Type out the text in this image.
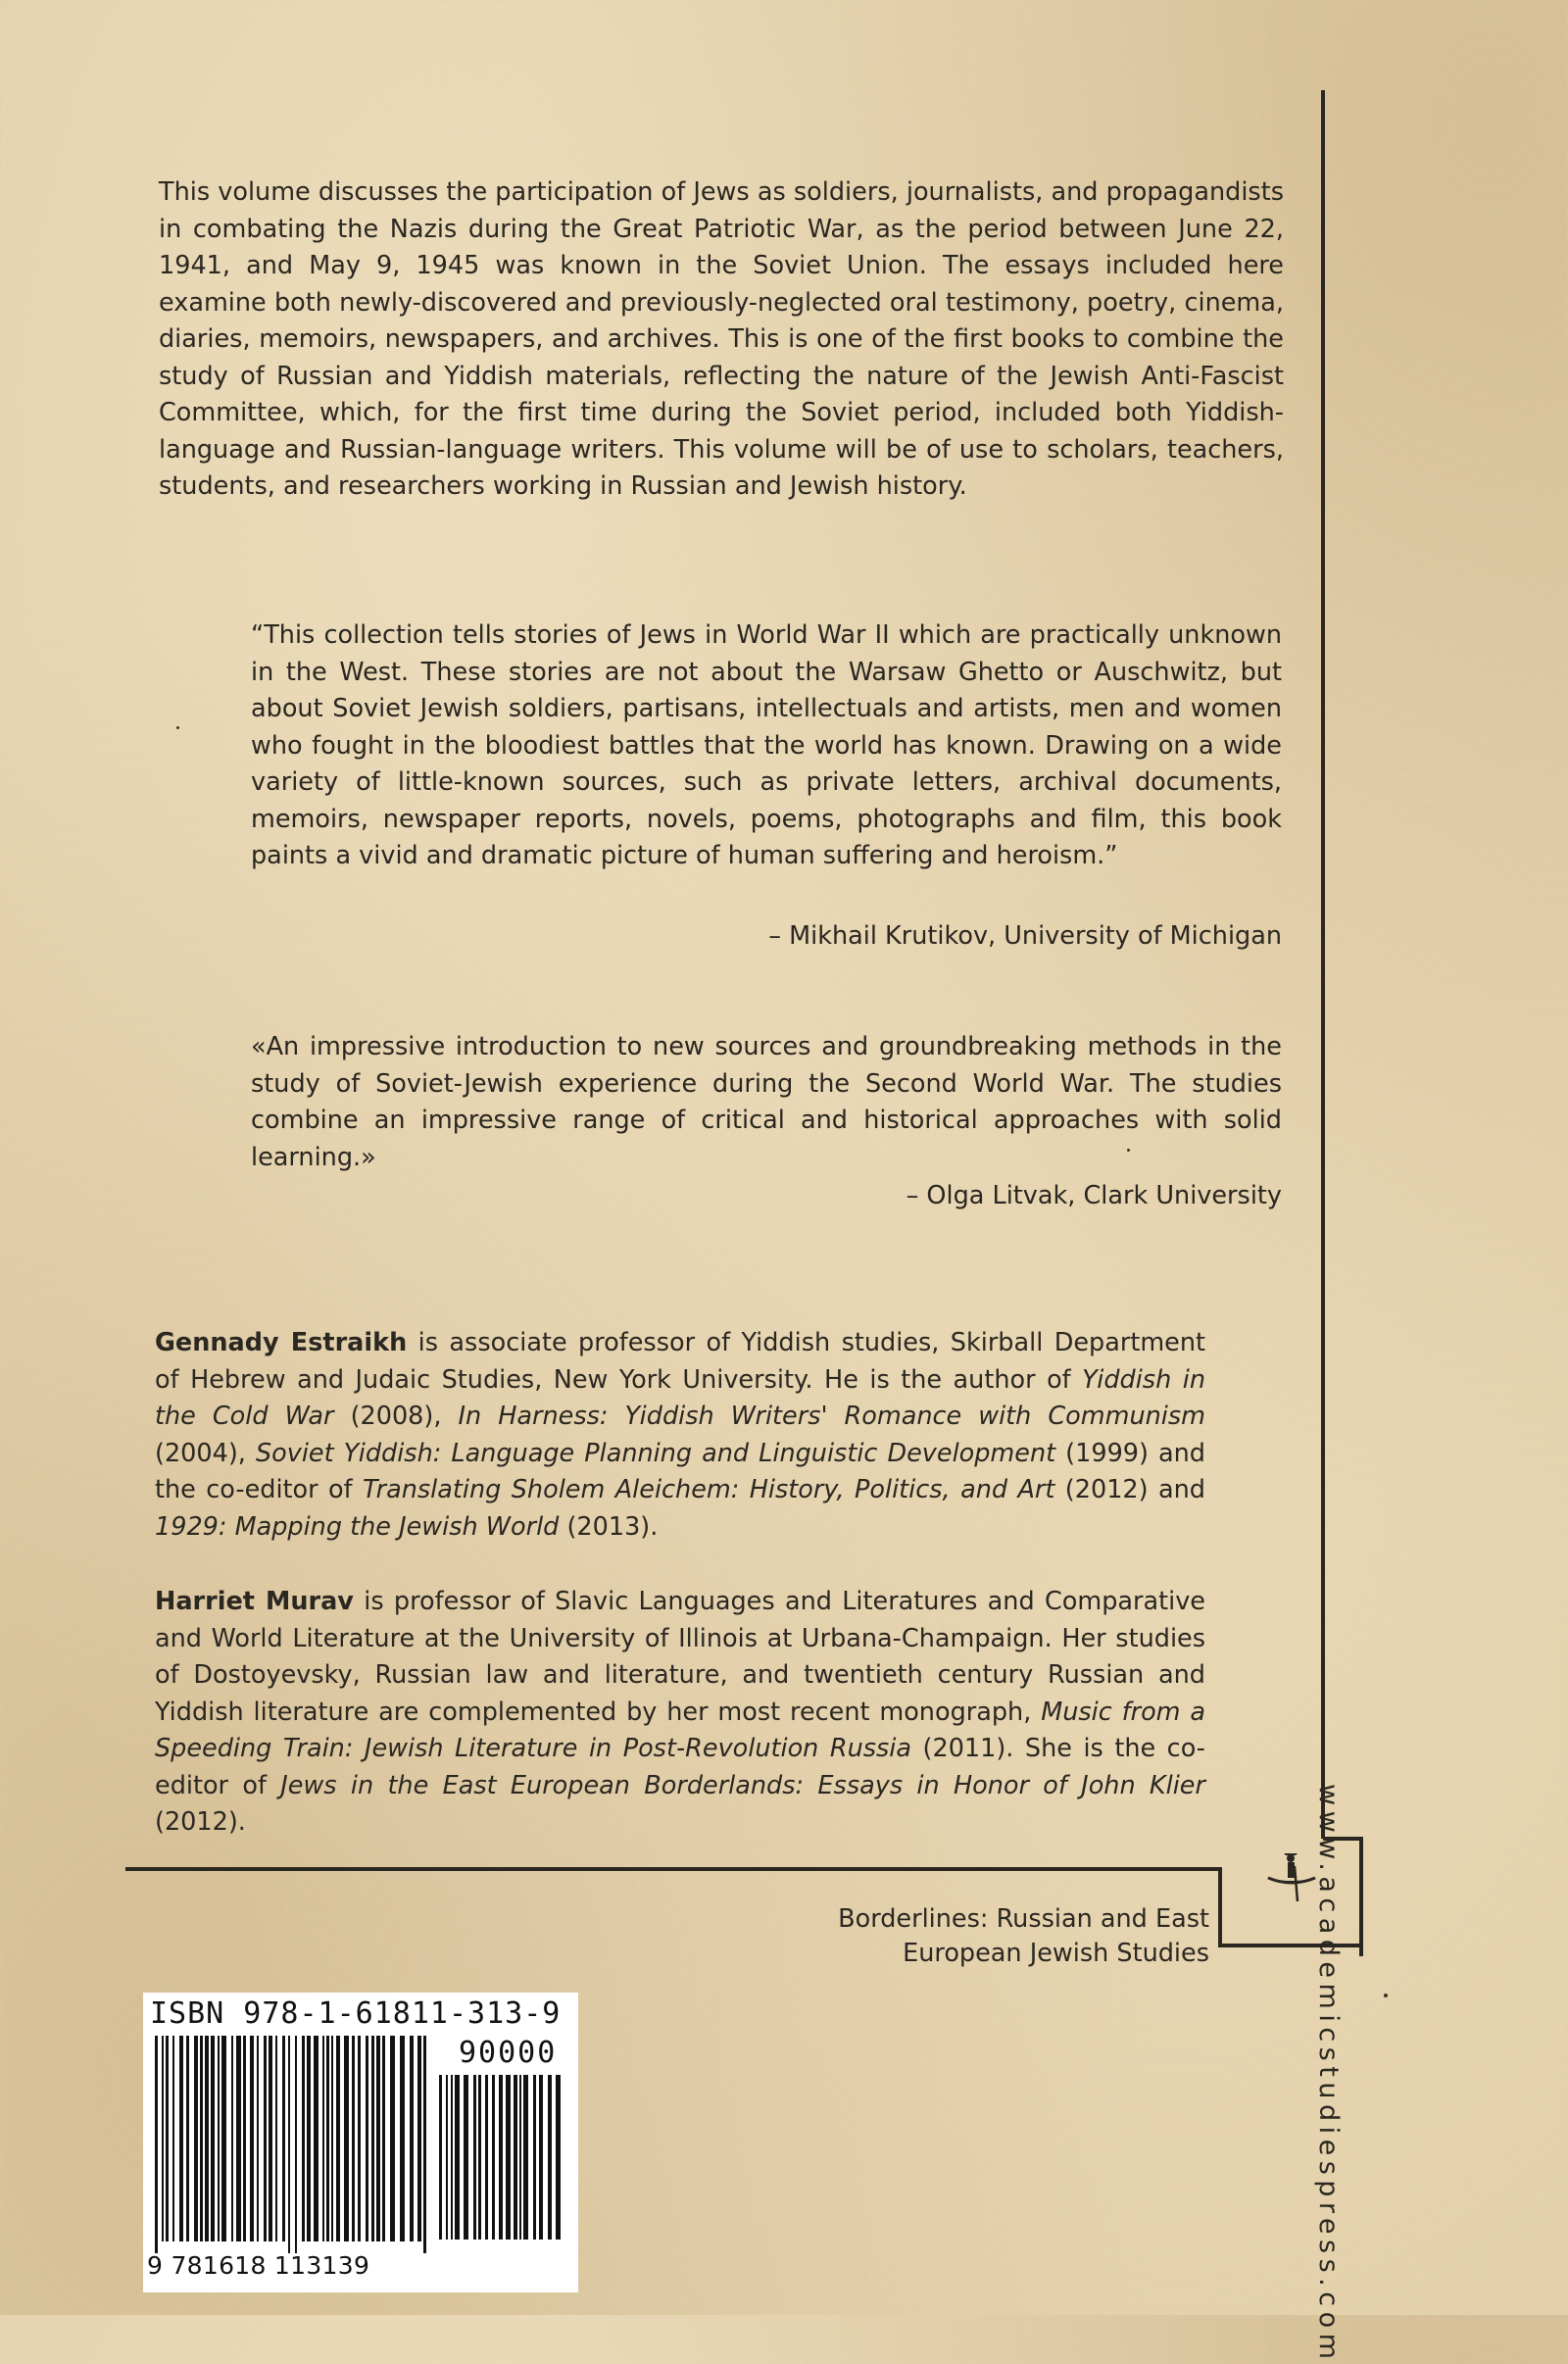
This volume discusses the participation of Jews as soldiers, journalists, and propagandists in combating the Nazis during the Great Patriotic War, as the period between June 22, 1941, and May 9, 1945 was known in the Soviet Union. The essays included here examine both newly-discovered and previously-neglected oral testimony, poetry, cinema, diaries, memoirs, newspapers, and archives. This is one of the first books to combine the study of Russian and Yiddish materials, reflecting the nature of the Jewish Anti-Fascist Committee, which, for the first time during the Soviet period, included both Yiddish-language and Russian-language writers. This volume will be of use to scholars, teachers, students, and researchers working in Russian and Jewish history.

“This collection tells stories of Jews in World War II which are practically unknown in the West. These stories are not about the Warsaw Ghetto or Auschwitz, but about Soviet Jewish soldiers, partisans, intellectuals and artists, men and women who fought in the bloodiest battles that the world has known. Drawing on a wide variety of little-known sources, such as private letters, archival documents, memoirs, newspaper reports, novels, poems, photographs and film, this book paints a vivid and dramatic picture of human suffering and heroism.”

– Mikhail Krutikov, University of Michigan

«An impressive introduction to new sources and groundbreaking methods in the study of Soviet-Jewish experience during the Second World War. The studies combine an impressive range of critical and historical approaches with solid learning.»

– Olga Litvak, Clark University

Gennady Estraikh is associate professor of Yiddish studies, Skirball Department of Hebrew and Judaic Studies, New York University. He is the author of Yiddish in the Cold War (2008), In Harness: Yiddish Writers' Romance with Communism (2004), Soviet Yiddish: Language Planning and Linguistic Development (1999) and the co-editor of Translating Sholem Aleichem: History, Politics, and Art (2012) and 1929: Mapping the Jewish World (2013).

Harriet Murav is professor of Slavic Languages and Literatures and Comparative and World Literature at the University of Illinois at Urbana-Champaign. Her studies of Dostoyevsky, Russian law and literature, and twentieth century Russian and Yiddish literature are complemented by her most recent monograph, Music from a Speeding Train: Jewish Literature in Post-Revolution Russia (2011). She is the co-editor of Jews in the East European Borderlands: Essays in Honor of John Klier (2012).	www.academicstudiespress.com
Borderlines: Russian and East
European Jewish Studies
ISBN 978-1-61811-313-9
90000
9 781618 113139
